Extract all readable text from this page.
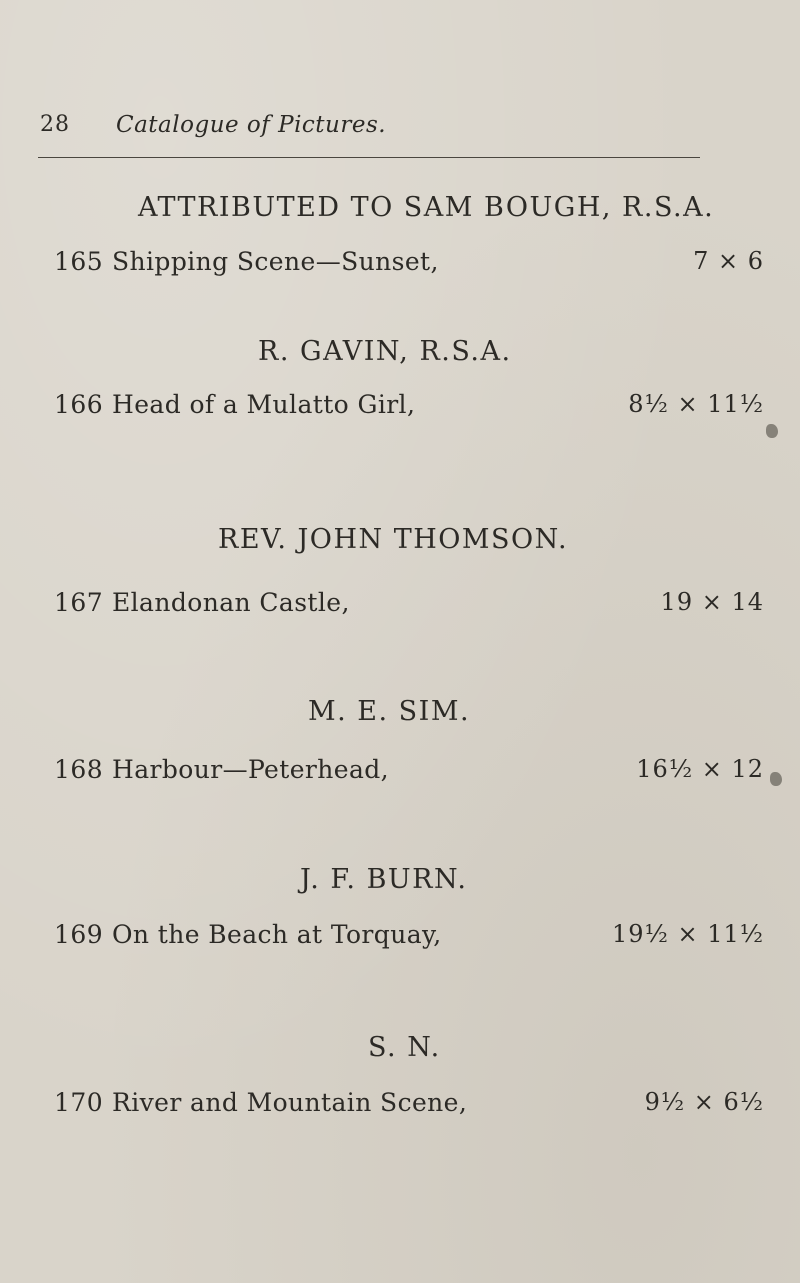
28 Catalogue of Pictures.
ATTRIBUTED TO SAM BOUGH, R.S.A.
165 Shipping Scene—Sunset,	7 × 6
R. GAVIN, R.S.A.
166 Head of a Mulatto Girl,	8½ × 11½
REV. JOHN THOMSON.
167 Elandonan Castle,	19 × 14
M. E. SIM.
168 Harbour—Peterhead,	16½ × 12
J. F. BURN.
169 On the Beach at Torquay,	19½ × 11½
S. N.
170 River and Mountain Scene,	9½ × 6½
